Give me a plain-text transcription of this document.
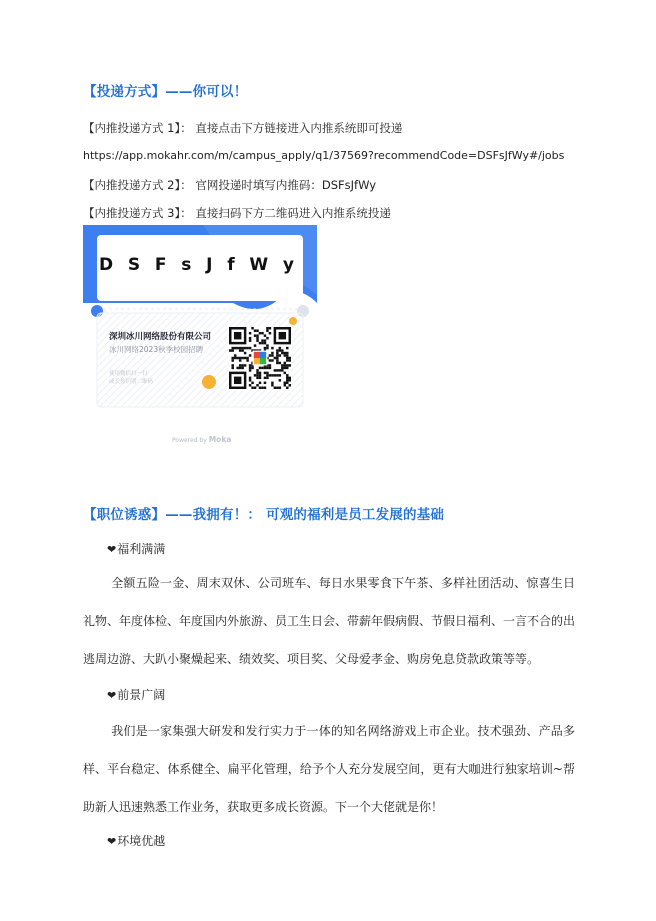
【投递方式】——你可以！
【内推投递方式 1】： 直接点击下方链接进入内推系统即可投递
https://app.mokahr.com/m/campus_apply/q1/37569?recommendCode=DSFsJfWy#/jobs
【内推投递方式 2】： 官网投递时填写内推码：DSFsJfWy
【内推投递方式 3】： 直接扫码下方二维码进入内推系统投递
D S F s J f W y
深圳冰川网络股份有限公司
冰川网络2023秋季校园招聘
使用微信扫一扫
或长按识别二维码
Powered by Moka
【职位诱惑】——我拥有！： 可观的福利是员工发展的基础
❤福利满满
全额五险一金、周末双休、公司班车、每日水果零食下午茶、多样社团活动、惊喜生日礼物、年度体检、年度国内外旅游、员工生日会、带薪年假病假、节假日福利、一言不合的出逃周边游、大趴小聚燥起来、绩效奖、项目奖、父母爱孝金、购房免息贷款政策等等。
❤前景广阔
我们是一家集强大研发和发行实力于一体的知名网络游戏上市企业。技术强劲、产品多样、平台稳定、体系健全、扁平化管理，给予个人充分发展空间，更有大咖进行独家培训~帮助新人迅速熟悉工作业务，获取更多成长资源。下一个大佬就是你！
❤环境优越
